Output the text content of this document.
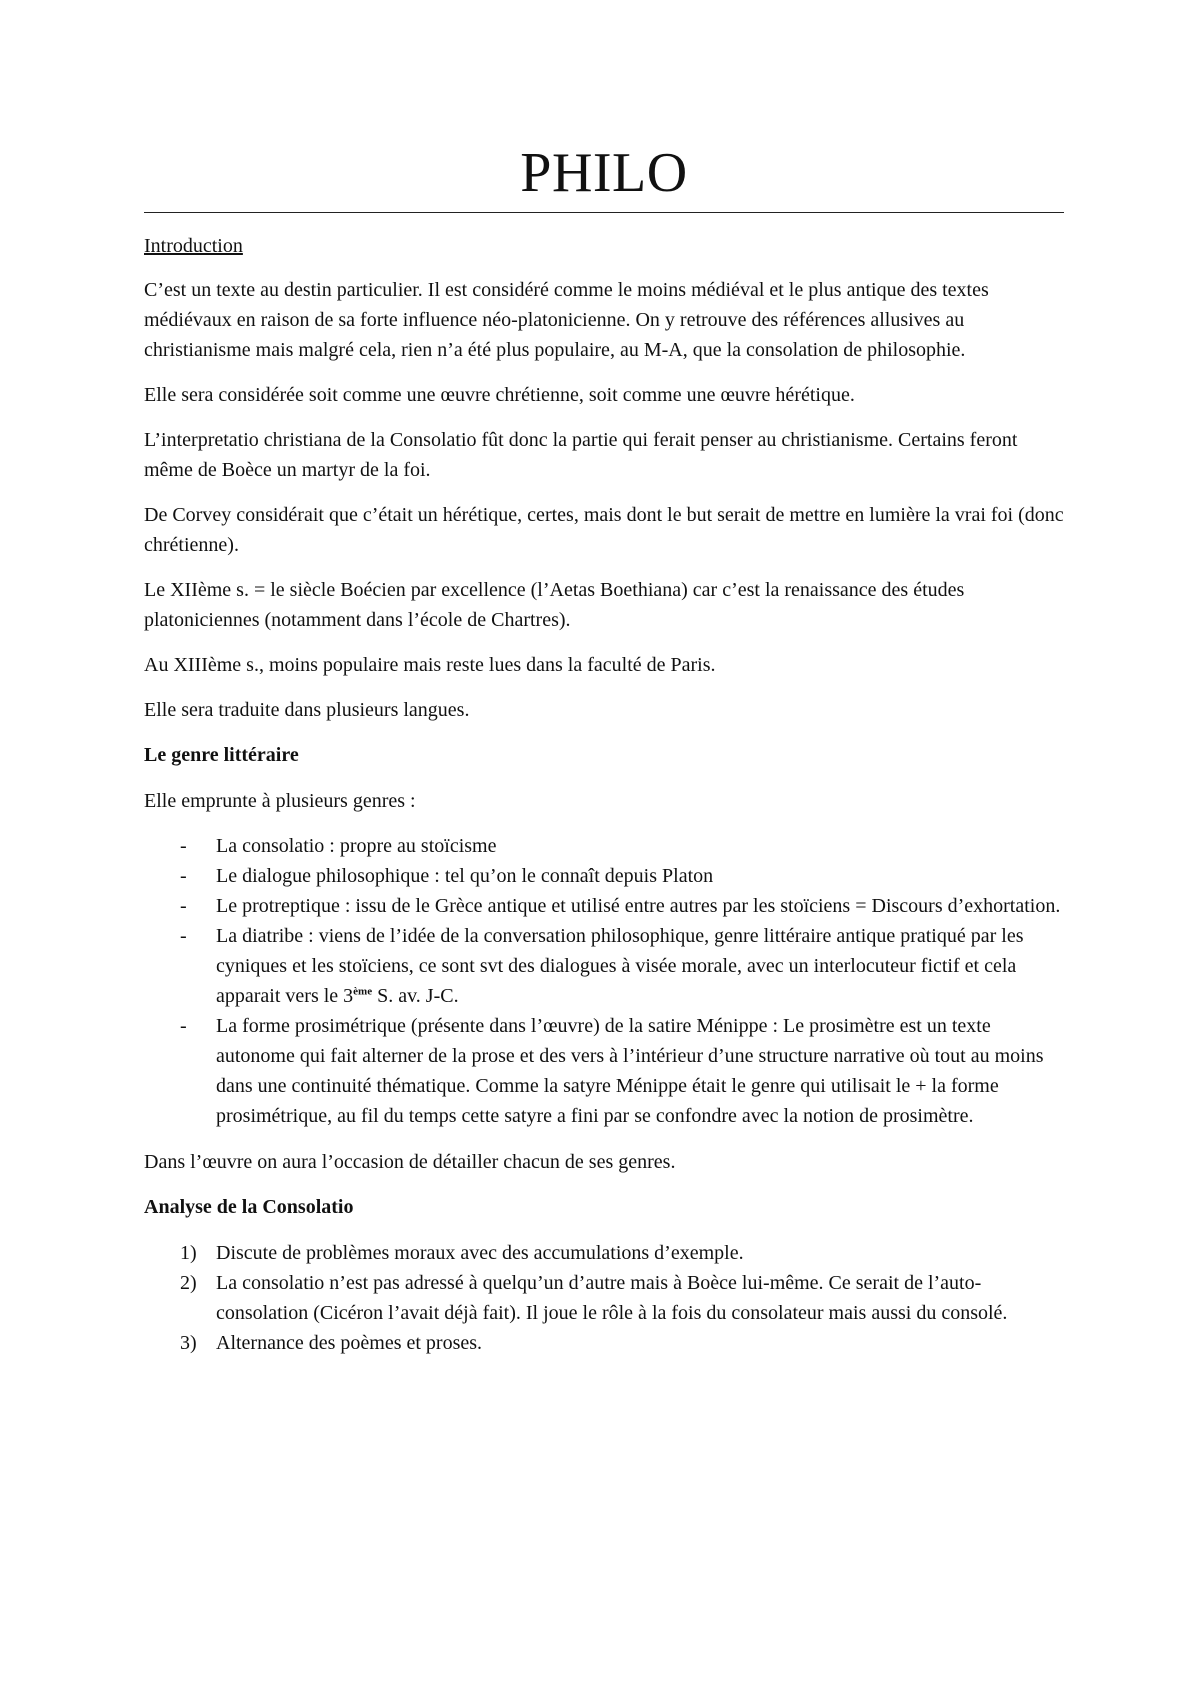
PHILO
Introduction

C’est un texte au destin particulier. Il est considéré comme le moins médiéval et le plus antique des textes médiévaux en raison de sa forte influence néo-platonicienne. On y retrouve des références allusives au christianisme mais malgré cela, rien n’a été plus populaire, au M-A, que la consolation de philosophie.

Elle sera considérée soit comme une œuvre chrétienne, soit comme une œuvre hérétique.

L’interpretatio christiana de la Consolatio fût donc la partie qui ferait penser au christianisme. Certains feront même de Boèce un martyr de la foi.

De Corvey considérait que c’était un hérétique, certes, mais dont le but serait de mettre en lumière la vrai foi (donc chrétienne).

Le XIIème s. = le siècle Boécien par excellence (l’Aetas Boethiana) car c’est la renaissance des études platoniciennes (notamment dans l’école de Chartres).

Au XIIIème s., moins populaire mais reste lues dans la faculté de Paris.

Elle sera traduite dans plusieurs langues.

Le genre littéraire

Elle emprunte à plusieurs genres :

- La consolatio : propre au stoïcisme
- Le dialogue philosophique : tel qu’on le connaît depuis Platon
- Le protreptique : issu de le Grèce antique et utilisé entre autres par les stoïciens = Discours d’exhortation.
- La diatribe : viens de l’idée de la conversation philosophique, genre littéraire antique pratiqué par les cyniques et les stoïciens, ce sont svt des dialogues à visée morale, avec un interlocuteur fictif et cela apparait vers le 3ème S. av. J-C.
- La forme prosimétrique (présente dans l’œuvre) de la satire Ménippe : Le prosimètre est un texte autonome qui fait alterner de la prose et des vers à l’intérieur d’une structure narrative où tout au moins dans une continuité thématique. Comme la satyre Ménippe était le genre qui utilisait le + la forme prosimétrique, au fil du temps cette satyre a fini par se confondre avec la notion de prosimètre.

Dans l’œuvre on aura l’occasion de détailler chacun de ses genres.

Analyse de la Consolatio
1) Discute de problèmes moraux avec des accumulations d’exemple.
2) La consolatio n’est pas adressé à quelqu’un d’autre mais à Boèce lui-même. Ce serait de l’auto-consolation (Cicéron l’avait déjà fait). Il joue le rôle à la fois du consolateur mais aussi du consolé.
3) Alternance des poèmes et proses.
